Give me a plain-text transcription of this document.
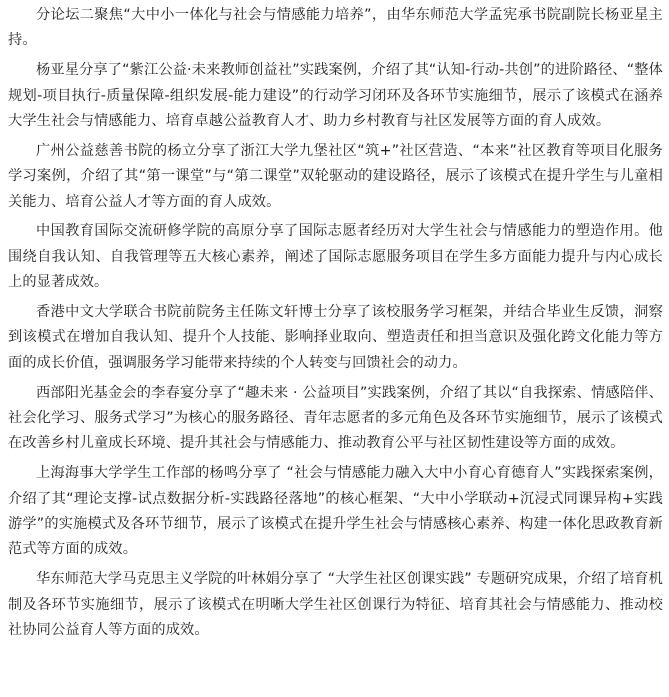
分论坛二聚焦“大中小一体化与社会与情感能力培养”，由华东师范大学孟宪承书院副院长杨亚星主持。

杨亚星分享了“紫江公益·未来教师创益社”实践案例，介绍了其“认知-行动-共创”的进阶路径、“整体规划-项目执行-质量保障-组织发展-能力建设”的行动学习闭环及各环节实施细节，展示了该模式在涵养大学生社会与情感能力、培育卓越公益教育人才、助力乡村教育与社区发展等方面的育人成效。

广州公益慈善书院的杨立分享了浙江大学九堡社区“筑+”社区营造、“本来”社区教育等项目化服务学习案例，介绍了其“第一课堂”与“第二课堂”双轮驱动的建设路径，展示了该模式在提升学生与儿童相关能力、培育公益人才等方面的育人成效。

中国教育国际交流研修学院的高原分享了国际志愿者经历对大学生社会与情感能力的塑造作用。他围绕自我认知、自我管理等五大核心素养，阐述了国际志愿服务项目在学生多方面能力提升与内心成长上的显著成效。

香港中文大学联合书院前院务主任陈文轩博士分享了该校服务学习框架，并结合毕业生反馈，洞察到该模式在增加自我认知、提升个人技能、影响择业取向、塑造责任和担当意识及强化跨文化能力等方面的成长价值，强调服务学习能带来持续的个人转变与回馈社会的动力。

西部阳光基金会的李春宴分享了“趣未来 · 公益项目”实践案例，介绍了其以“自我探索、情感陪伴、社会化学习、服务式学习”为核心的服务路径、青年志愿者的多元角色及各环节实施细节，展示了该模式在改善乡村儿童成长环境、提升其社会与情感能力、推动教育公平与社区韧性建设等方面的成效。

上海海事大学学生工作部的杨鸣分享了 “社会与情感能力融入大中小育心育德育人”实践探索案例，介绍了其“理论支撑-试点数据分析-实践路径落地”的核心框架、“大中小学联动+沉浸式同课异构+实践游学”的实施模式及各环节细节，展示了该模式在提升学生社会与情感核心素养、构建一体化思政教育新范式等方面的成效。

华东师范大学马克思主义学院的叶林娟分享了 “大学生社区创课实践” 专题研究成果，介绍了培育机制及各环节实施细节，展示了该模式在明晰大学生社区创课行为特征、培育其社会与情感能力、推动校社协同公益育人等方面的成效。
